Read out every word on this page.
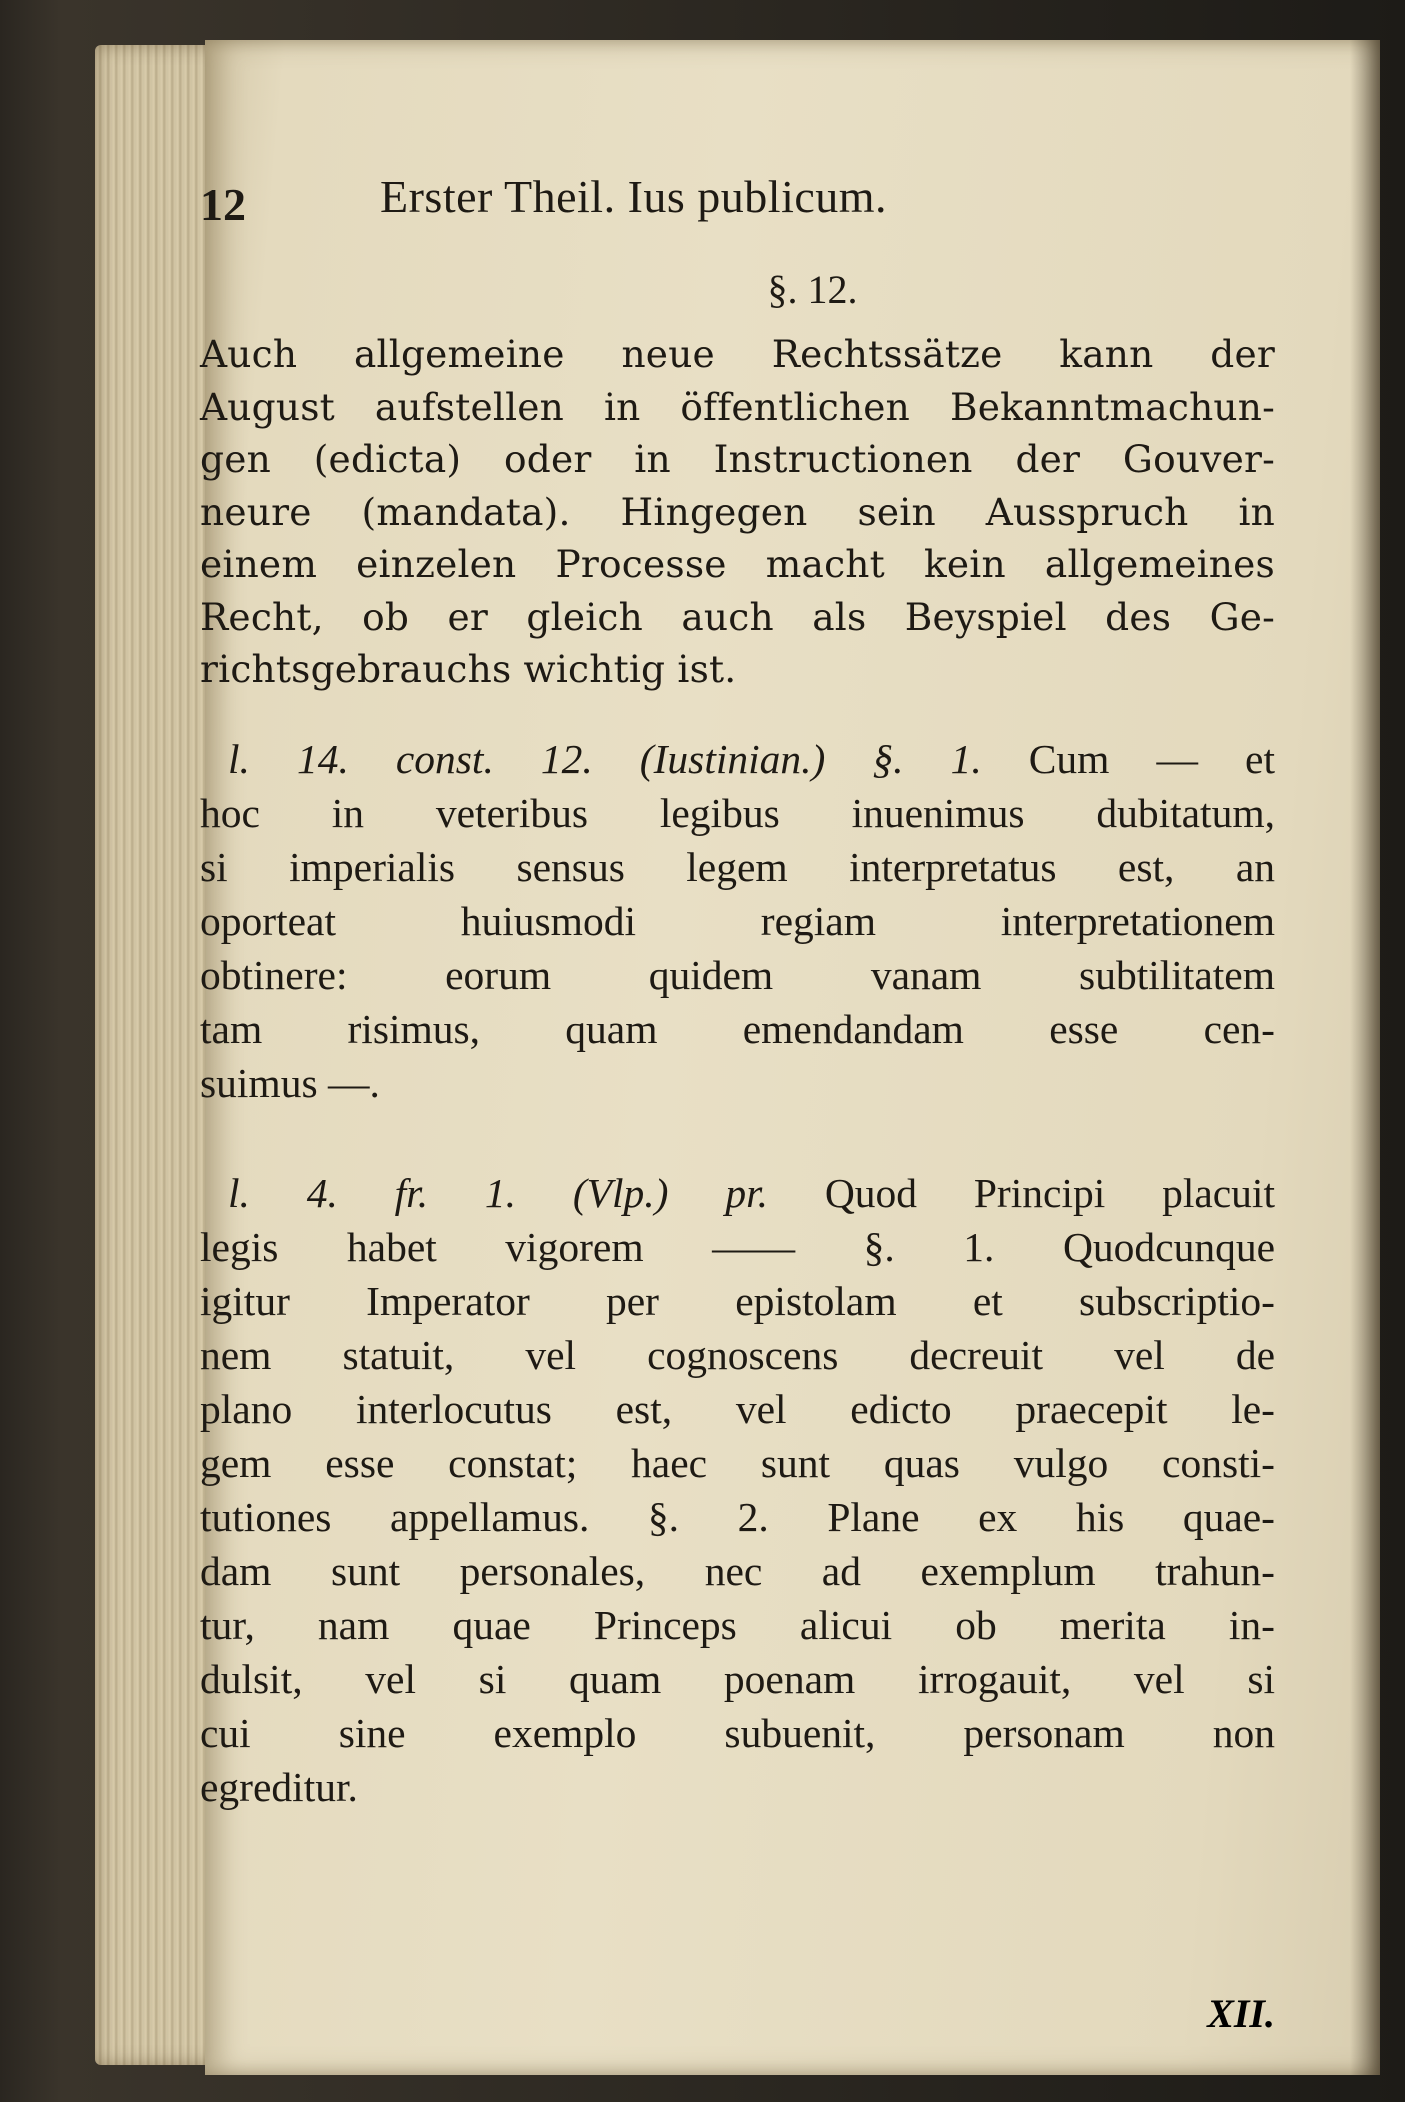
12	Erster Theil. Ius publicum.
§. 12.

Auch allgemeine neue Rechtssätze kann der
August aufstellen in öffentlichen Bekanntmachun-
gen (edicta) oder in Instructionen der Gouver-
neure (mandata). Hingegen sein Ausspruch in
einem einzelen Processe macht kein allgemeines
Recht, ob er gleich auch als Beyspiel des Ge-
richtsgebrauchs wichtig ist.

l. 14. const. 12. (Iustinian.) §. 1. Cum — et
hoc in veteribus legibus inuenimus dubitatum,
si imperialis sensus legem interpretatus est, an
oporteat huiusmodi regiam interpretationem
obtinere: eorum quidem vanam subtilitatem
tam risimus, quam emendandam esse cen-
suimus —.

l. 4. fr. 1. (Vlp.) pr. Quod Principi placuit
legis habet vigorem —— §. 1. Quodcunque
igitur Imperator per epistolam et subscriptio-
nem statuit, vel cognoscens decreuit vel de
plano interlocutus est, vel edicto praecepit le-
gem esse constat; haec sunt quas vulgo consti-
tutiones appellamus. §. 2. Plane ex his quae-
dam sunt personales, nec ad exemplum trahun-
tur, nam quae Princeps alicui ob merita in-
dulsit, vel si quam poenam irrogauit, vel si
cui sine exemplo subuenit, personam non
egreditur.

XII.
